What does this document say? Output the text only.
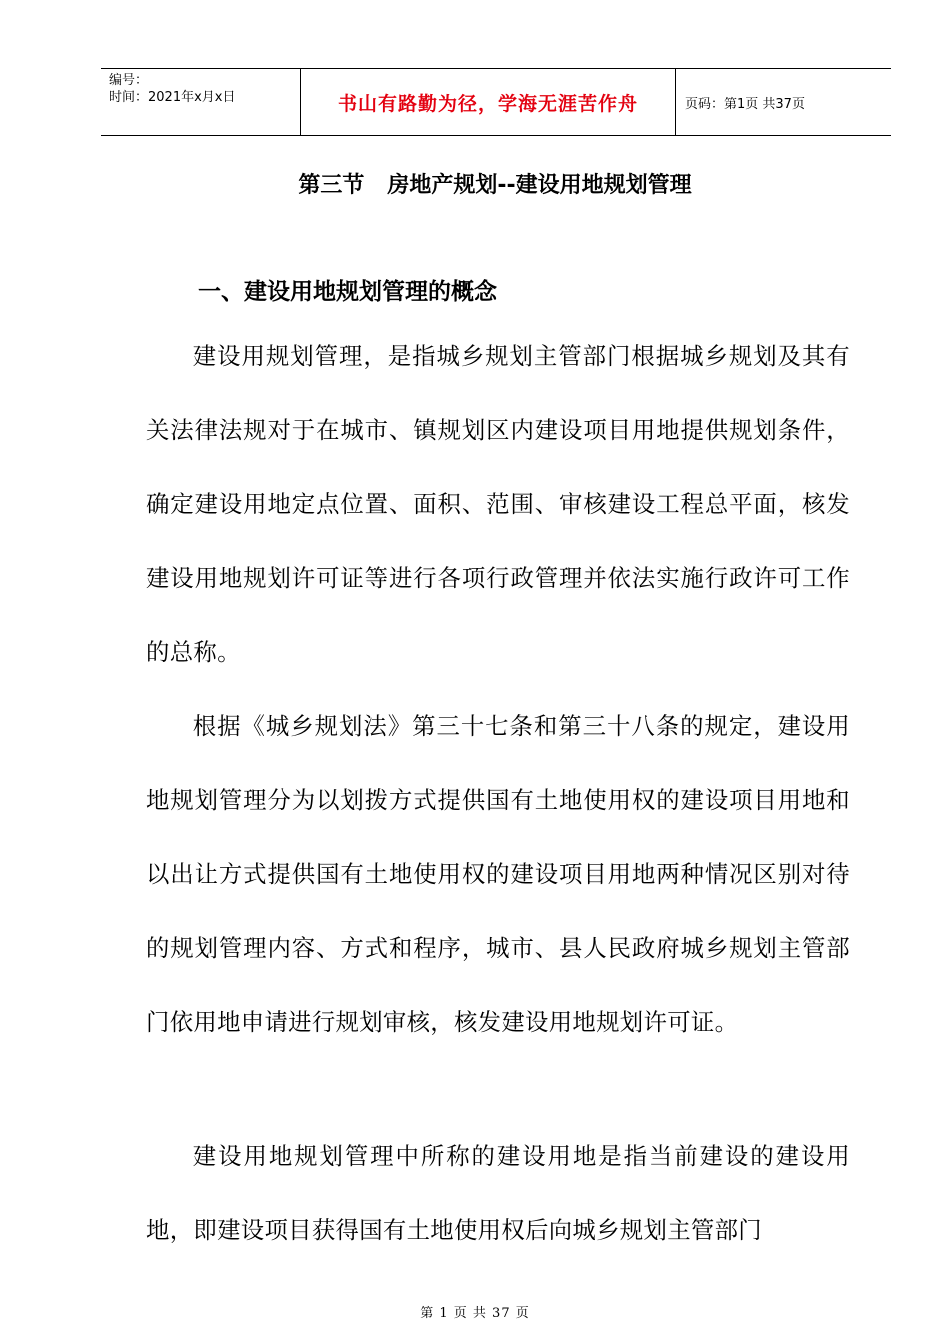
编号：
时间：2021年x月x日	书山有路勤为径，学海无涯苦作舟	页码：第1页 共37页
第三节   房地产规划--建设用地规划管理
一、建设用地规划管理的概念

建设用规划管理，是指城乡规划主管部门根据城乡规划及其有关法律法规对于在城市、镇规划区内建设项目用地提供规划条件，确定建设用地定点位置、面积、范围、审核建设工程总平面，核发建设用地规划许可证等进行各项行政管理并依法实施行政许可工作的总称。

根据《城乡规划法》第三十七条和第三十八条的规定，建设用地规划管理分为以划拨方式提供国有土地使用权的建设项目用地和以出让方式提供国有土地使用权的建设项目用地两种情况区别对待的规划管理内容、方式和程序，城市、县人民政府城乡规划主管部门依用地申请进行规划审核，核发建设用地规划许可证。

建设用地规划管理中所称的建设用地是指当前建设的建设用地，即建设项目获得国有土地使用权后向城乡规划主管部门

第 1 页 共 37 页
